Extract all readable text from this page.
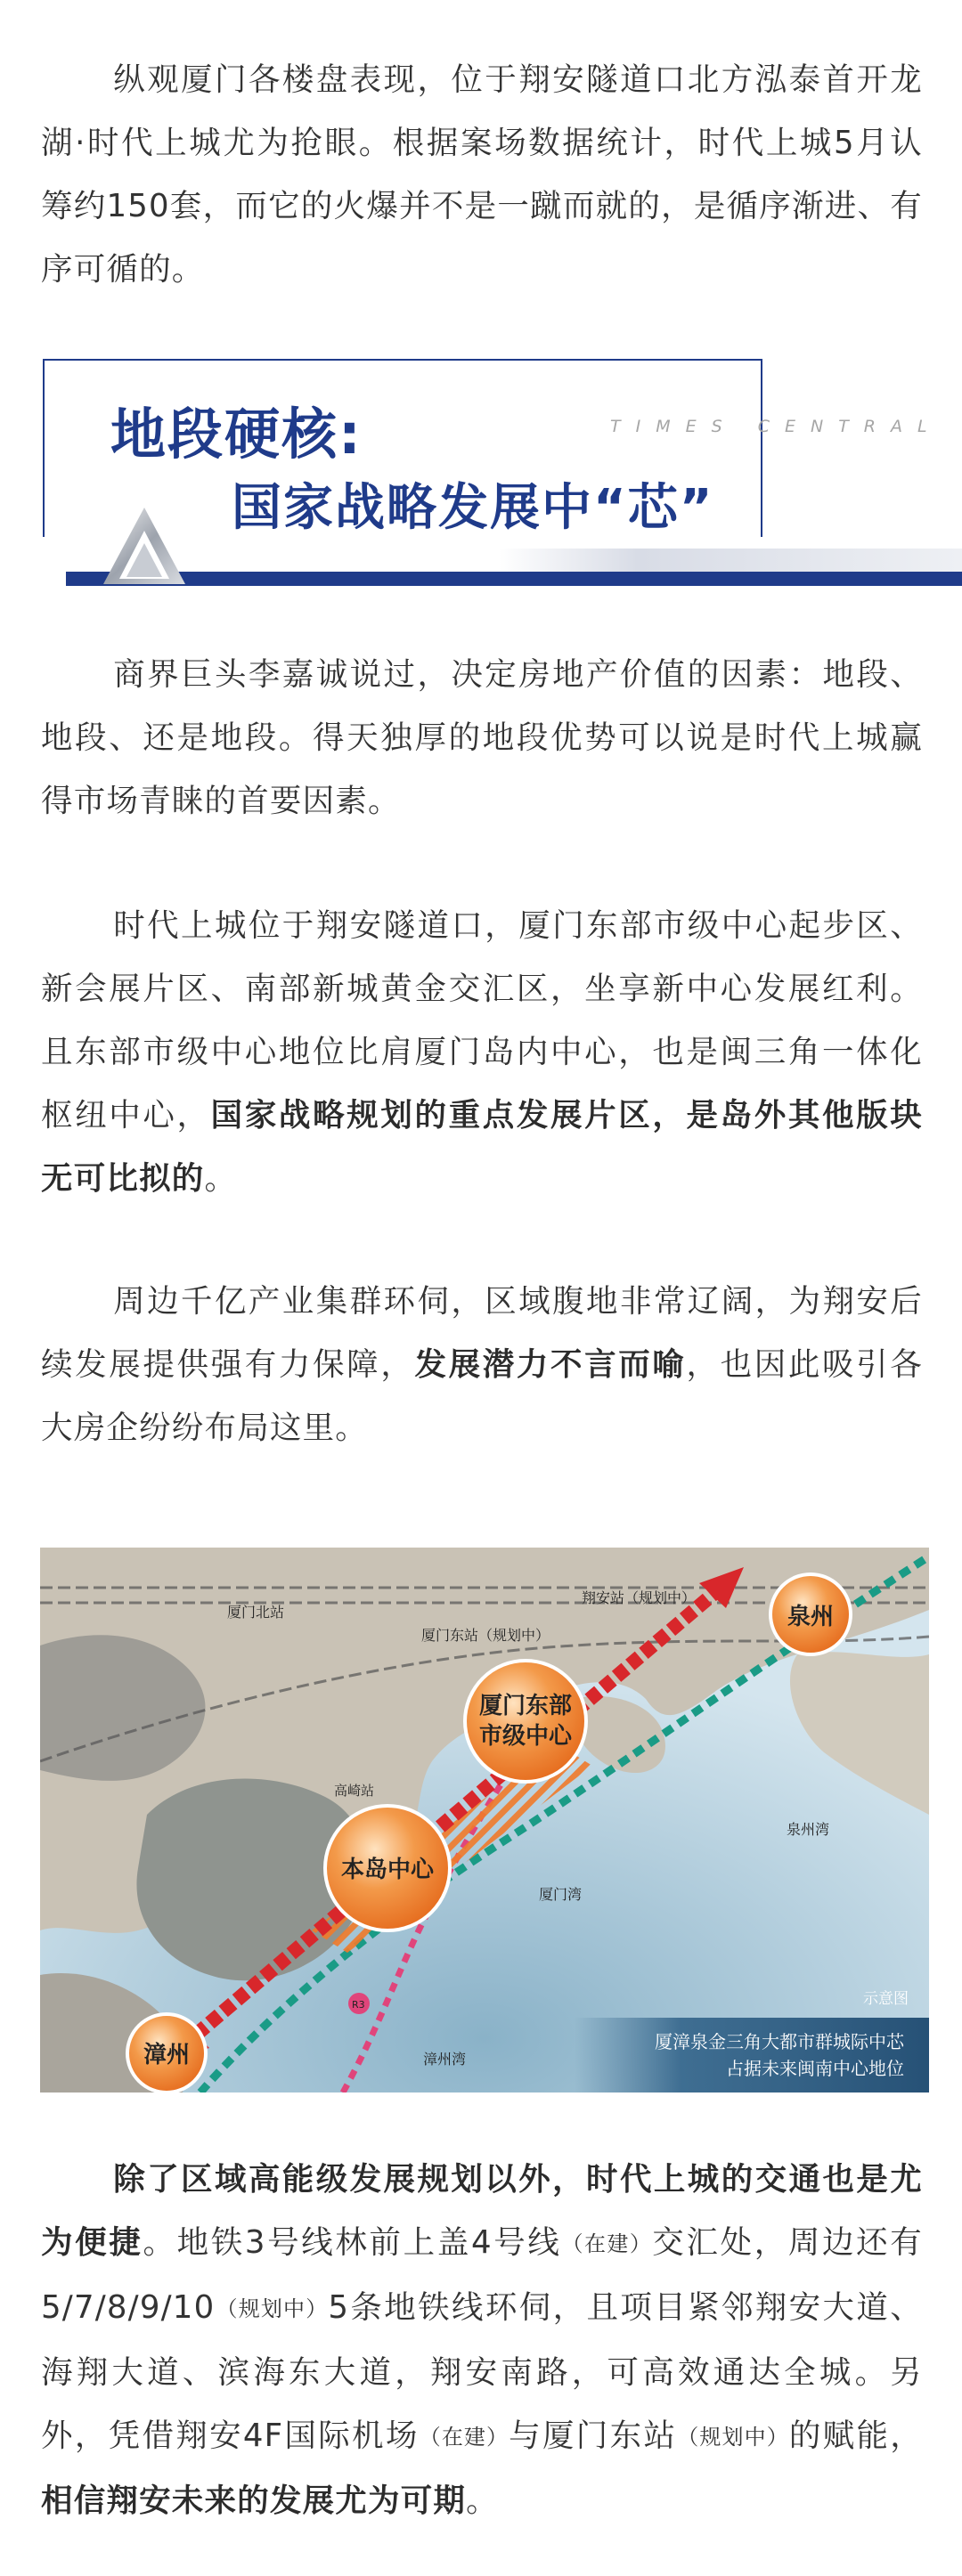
纵观厦门各楼盘表现，位于翔安隧道口北方泓泰首开龙湖·时代上城尤为抢眼。根据案场数据统计，时代上城5月认筹约150套，而它的火爆并不是一蹴而就的，是循序渐进、有序可循的。

地段硬核:
国家战略发展中“芯”
TIMES CENTRAL

商界巨头李嘉诚说过，决定房地产价值的因素：地段、地段、还是地段。得天独厚的地段优势可以说是时代上城赢得市场青睐的首要因素。

时代上城位于翔安隧道口，厦门东部市级中心起步区、新会展片区、南部新城黄金交汇区，坐享新中心发展红利。且东部市级中心地位比肩厦门岛内中心，也是闽三角一体化枢纽中心，国家战略规划的重点发展片区，是岛外其他版块无可比拟的。

周边千亿产业集群环伺，区域腹地非常辽阔，为翔安后续发展提供强有力保障，发展潜力不言而喻，也因此吸引各大房企纷纷布局这里。

厦门北站
翔安站（规划中）
厦门东站（规划中）
高崎站
厦门湾
泉州湾
漳州湾
R3
泉州
厦门东部
市级中心
本岛中心
漳州
示意图
厦漳泉金三角大都市群城际中芯
占据未来闽南中心地位

除了区域高能级发展规划以外，时代上城的交通也是尤为便捷。地铁3号线林前上盖4号线（在建）交汇处，周边还有5/7/8/9/10（规划中）5条地铁线环伺，且项目紧邻翔安大道、海翔大道、滨海东大道，翔安南路，可高效通达全城。另外，凭借翔安4F国际机场（在建）与厦门东站（规划中）的赋能，相信翔安未来的发展尤为可期。
